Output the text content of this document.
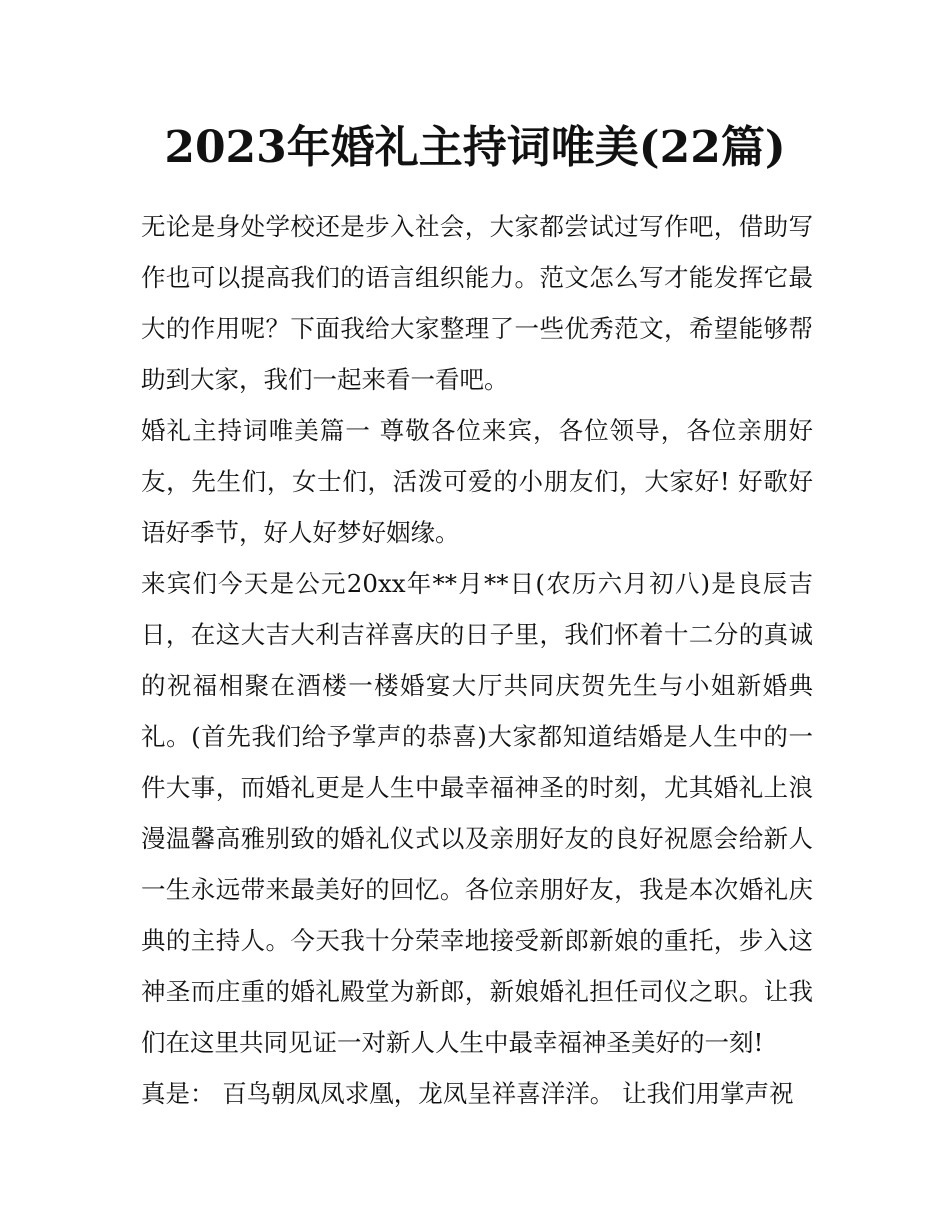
2023年婚礼主持词唯美(22篇)

无论是身处学校还是步入社会，大家都尝试过写作吧，借助写作也可以提高我们的语言组织能力。范文怎么写才能发挥它最大的作用呢？下面我给大家整理了一些优秀范文，希望能够帮助到大家，我们一起来看一看吧。

婚礼主持词唯美篇一 尊敬各位来宾，各位领导，各位亲朋好友，先生们，女士们，活泼可爱的小朋友们，大家好! 好歌好语好季节，好人好梦好姻缘。

来宾们今天是公元20xx年**月**日(农历六月初八)是良辰吉日，在这大吉大利吉祥喜庆的日子里，我们怀着十二分的真诚的祝福相聚在酒楼一楼婚宴大厅共同庆贺先生与小姐新婚典礼。(首先我们给予掌声的恭喜)大家都知道结婚是人生中的一件大事，而婚礼更是人生中最幸福神圣的时刻，尤其婚礼上浪漫温馨高雅别致的婚礼仪式以及亲朋好友的良好祝愿会给新人一生永远带来最美好的回忆。各位亲朋好友，我是本次婚礼庆典的主持人。今天我十分荣幸地接受新郎新娘的重托，步入这神圣而庄重的婚礼殿堂为新郎，新娘婚礼担任司仪之职。让我们在这里共同见证一对新人人生中最幸福神圣美好的一刻!

真是： 百鸟朝凤凤求凰，龙凤呈祥喜洋洋。 让我们用掌声祝
